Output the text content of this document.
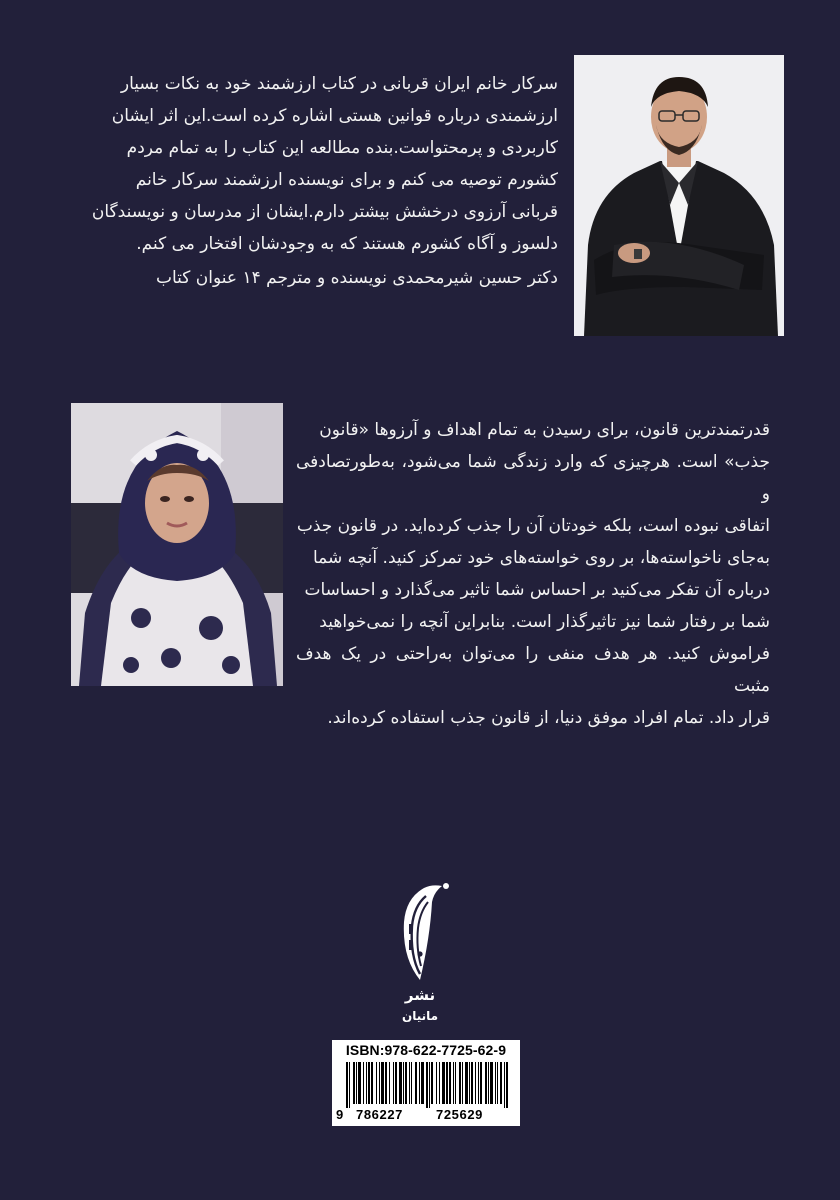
سرکار خانم ایران قربانی در کتاب ارزشمند خود به نکات بسیار

ارزشمندی درباره قوانین هستی اشاره کرده است.این اثر ایشان

کاربردی و پرمحتواست.بنده مطالعه این کتاب را به تمام مردم

کشورم توصیه می کنم و برای نویسنده ارزشمند سرکار خانم

قربانی آرزوی درخشش بیشتر دارم.ایشان از مدرسان و نویسندگان

دلسوز و آگاه کشورم هستند که به وجودشان افتخار می کنم.

دکتر حسین شیرمحمدی نویسنده و مترجم ۱۴ عنوان کتاب

قدرتمندترین قانون، برای رسیدن به تمام اهداف و آرزوها «قانون

جذب» است. هرچیزی که وارد زندگی شما می‌شود، به‌طورتصادفی و

اتفاقی نبوده است، بلکه خودتان آن را جذب کرده‌اید. در قانون جذب

به‌جای ناخواسته‌ها، بر روی خواسته‌های خود تمرکز کنید. آنچه شما

درباره آن تفکر می‌کنید بر احساس شما تاثیر می‌گذارد و احساسات

شما بر رفتار شما نیز تاثیرگذار است. بنابراین آنچه را نمی‌خواهید

فراموش کنید. هر هدف منفی را می‌توان به‌راحتی در یک هدف مثبت

قرار داد. تمام افراد موفق دنیا، از قانون جذب استفاده کرده‌اند.

نشر
مانیان
ISBN:978-622-7725-62-9
9 786227	725629
